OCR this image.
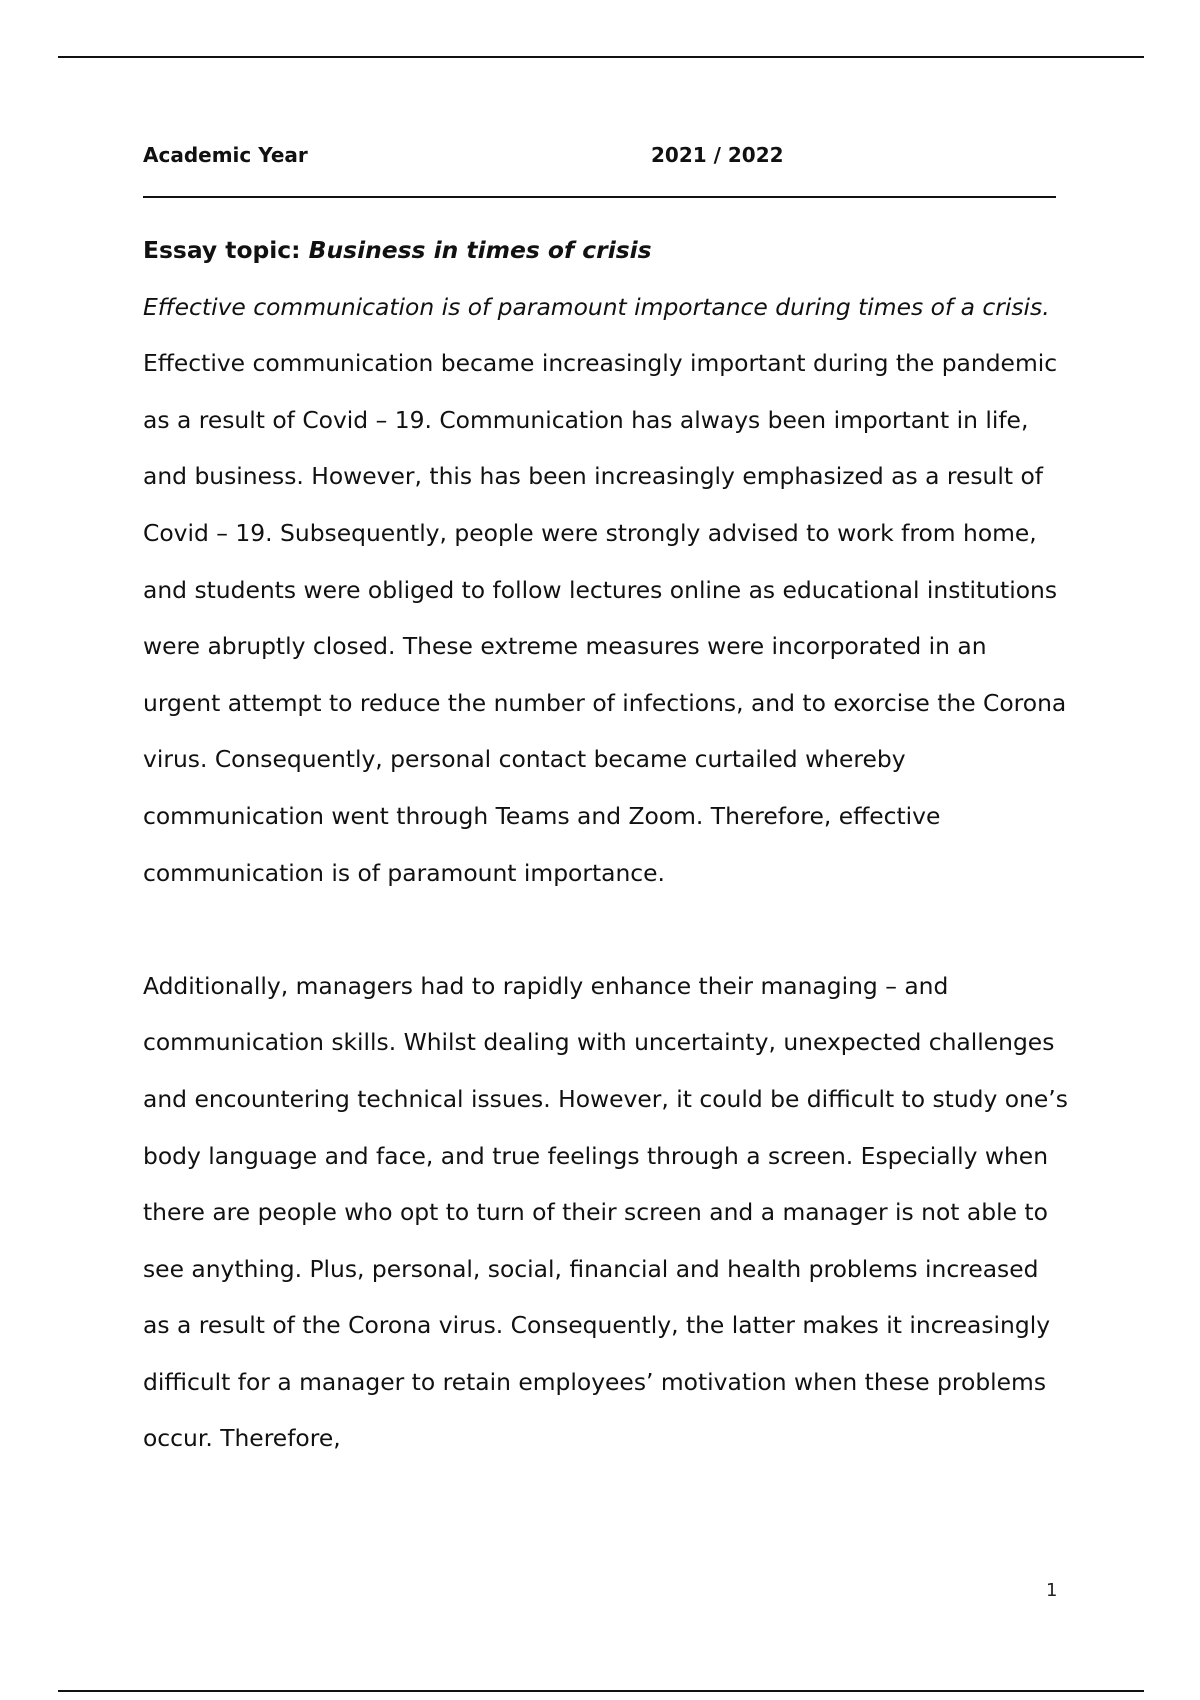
Academic Year	2021 / 2022
Essay topic: Business in times of crisis
Effective communication is of paramount importance during times of a crisis.

Effective communication became increasingly important during the pandemic as a result of Covid – 19. Communication has always been important in life, and business. However, this has been increasingly emphasized as a result of Covid – 19. Subsequently, people were strongly advised to work from home, and students were obliged to follow lectures online as educational institutions were abruptly closed. These extreme measures were incorporated in an urgent attempt to reduce the number of infections, and to exorcise the Corona virus. Consequently, personal contact became curtailed whereby communication went through Teams and Zoom. Therefore, effective communication is of paramount importance.

Additionally, managers had to rapidly enhance their managing – and communication skills. Whilst dealing with uncertainty, unexpected challenges and encountering technical issues. However, it could be difficult to study one’s body language and face, and true feelings through a screen. Especially when there are people who opt to turn of their screen and a manager is not able to see anything. Plus, personal, social, financial and health problems increased as a result of the Corona virus. Consequently, the latter makes it increasingly difficult for a manager to retain employees’ motivation when these problems occur. Therefore,

1
